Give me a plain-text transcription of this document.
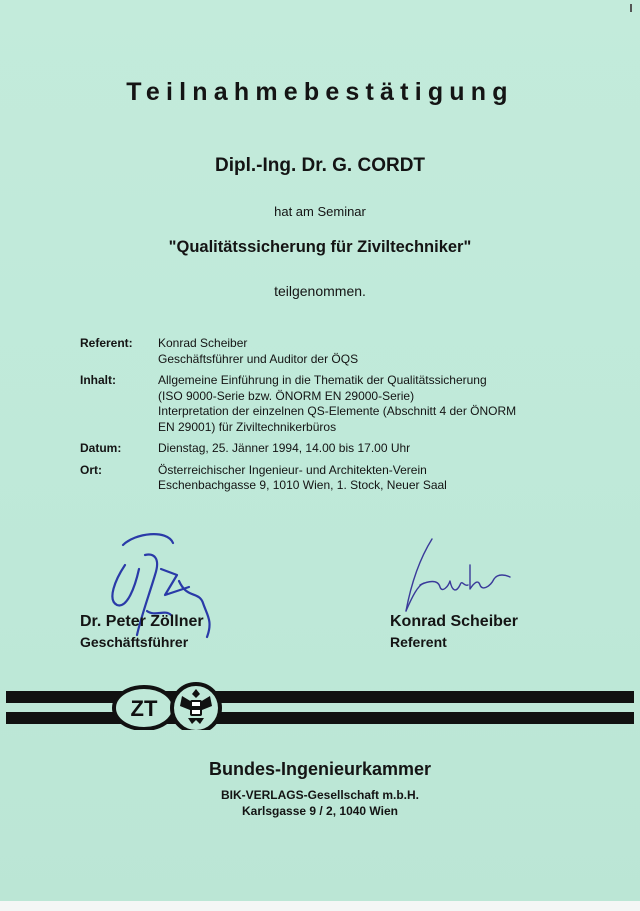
Teilnahmebestätigung
Dipl.-Ing. Dr. G. CORDT
hat am Seminar
"Qualitätssicherung für Ziviltechniker"
teilgenommen.
Referent:	Konrad Scheiber
Geschäftsführer und Auditor der ÖQS
Inhalt:	Allgemeine Einführung in die Thematik der Qualitätssicherung
(ISO 9000-Serie bzw. ÖNORM EN 29000-Serie)
Interpretation der einzelnen QS-Elemente (Abschnitt 4 der ÖNORM
EN 29001) für Ziviltechnikerbüros
Datum:	Dienstag, 25. Jänner 1994, 14.00 bis 17.00 Uhr
Ort:	Österreichischer Ingenieur- und Architekten-Verein
Eschenbachgasse 9, 1010 Wien, 1. Stock, Neuer Saal
Dr. Peter Zöllner
Geschäftsführer
Konrad Scheiber
Referent
ZT
Bundes-Ingenieurkammer
BIK-VERLAGS-Gesellschaft m.b.H.
Karlsgasse 9 / 2, 1040 Wien
